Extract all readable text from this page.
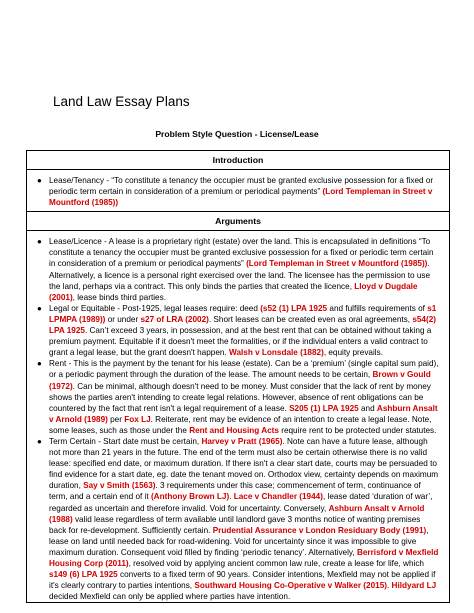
Land Law Essay Plans
Problem Style Question - License/Lease
Introduction
● Lease/Tenancy - “To constitute a tenancy the occupier must be granted exclusive possession for a fixed or periodic term certain in consideration of a premium or periodical payments” (Lord Templeman in Street v Mountford (1985))
Arguments
● Lease/Licence - A lease is a proprietary right (estate) over the land. This is encapsulated in definitions “To constitute a tenancy the occupier must be granted exclusive possession for a fixed or periodic term certain in consideration of a premium or periodical payments” (Lord Templeman in Street v Mountford (1985)). Alternatively, a licence is a personal right exercised over the land. The licensee has the permission to use the land, perhaps via a contract. This only binds the parties that created the licence, Lloyd v Dugdale (2001), lease binds third parties.
● Legal or Equitable - Post-1925, legal leases require: deed (s52 (1) LPA 1925 and fulfills requirements of s1 LPMPA (1989)) or under s27 of LRA (2002). Short leases can be created even as oral agreements, s54(2) LPA 1925. Can’t exceed 3 years, in possession, and at the best rent that can be obtained without taking a premium payment. Equitable if it doesn't meet the formalities, or if the individual enters a valid contract to grant a legal lease, but the grant doesn't happen. Walsh v Lonsdale (1882), equity prevails.
● Rent - This is the payment by the tenant for his lease (estate). Can be a ‘premium’ (single capital sum paid), or a periodic payment through the duration of the lease. The amount needs to be certain, Brown v Gould (1972). Can be minimal, although doesn't need to be money. Must consider that the lack of rent by money shows the parties aren't intending to create legal relations. However, absence of rent obligations can be countered by the fact that rent isn't a legal requirement of a lease. S205 (1) LPA 1925 and Ashburn Ansalt v Arnold (1989) per Fox LJ. Reiterate, rent may be evidence of an intention to create a legal lease. Note, some leases, such as those under the Rent and Housing Acts require rent to be protected under statutes.
● Term Certain - Start date must be certain, Harvey v Pratt (1965). Note can have a future lease, although not more than 21 years in the future. The end of the term must also be certain otherwise there is no valid lease: specified end date, or maximum duration. If there isn't a clear start date, courts may be persuaded to find evidence for a start date, eg. date the tenant moved on. Orthodox view, certainty depends on maximum duration, Say v Smith (1563). 3 requirements under this case; commencement of term, continuance of term, and a certain end of it (Anthony Brown LJ). Lace v Chandler (1944), lease dated ‘duration of war’, regarded as uncertain and therefore invalid. Void for uncertainty. Conversely, Ashburn Ansalt v Arnold (1988) valid lease regardless of term available until landlord gave 3 months notice of wanting premises back for re-development. Sufficiently certain. Prudential Assurance v London Residuary Body (1991), lease on land until needed back for road-widening. Void for uncertainty since it was impossible to give maximum duration. Consequent void filled by finding ‘periodic tenancy’. Alternatively, Berrisford v Mexfield Housing Corp (2011), resolved void by applying ancient common law rule, create a lease for life, which s149 (6) LPA 1925 converts to a fixed term of 90 years. Consider intentions, Mexfield may not be applied if it's clearly contrary to parties intentions, Southward Housing Co-Operative v Walker (2015). Hildyard LJ decided Mexfield can only be applied where parties have intention.
